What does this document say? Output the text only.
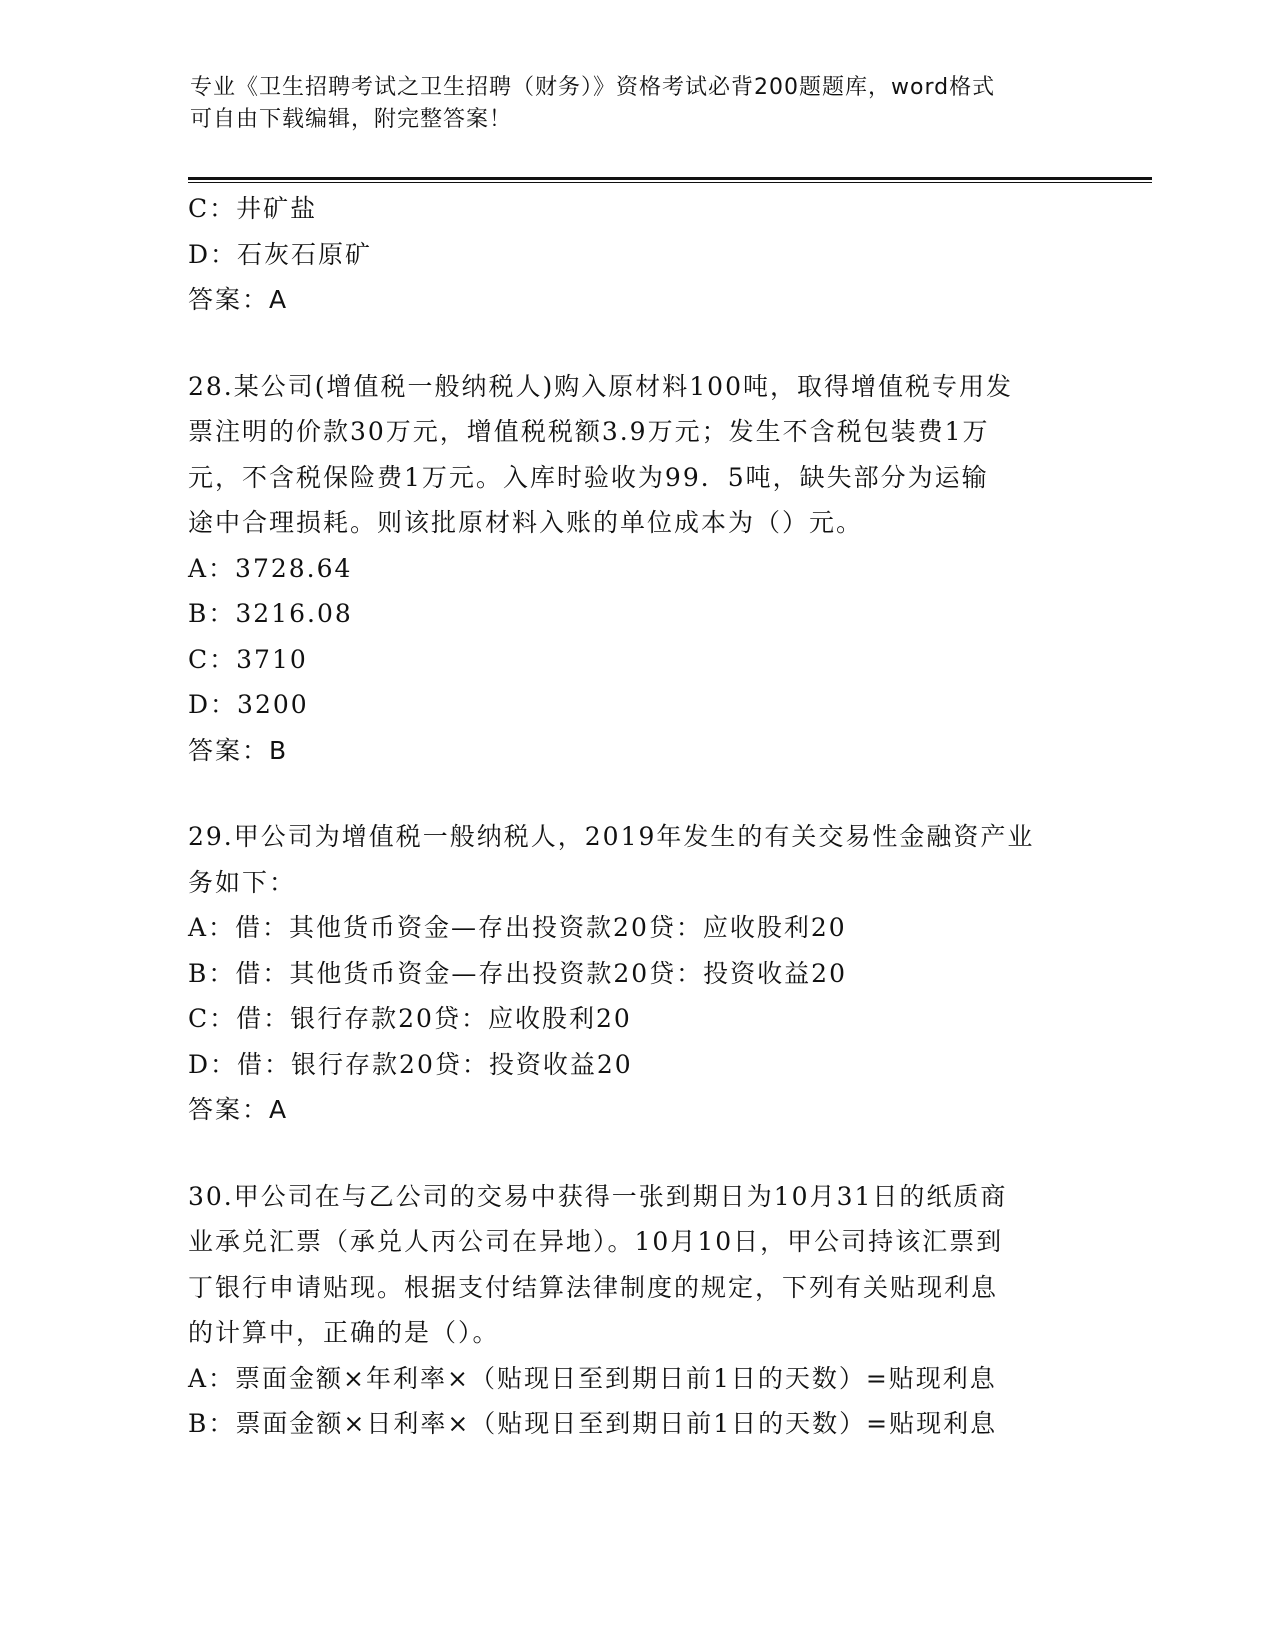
专业《卫生招聘考试之卫生招聘（财务）》资格考试必背200题题库，word格式
可自由下载编辑，附完整答案！
C：井矿盐
D：石灰石原矿
答案：A
28.某公司(增值税一般纳税人)购入原材料100吨，取得增值税专用发
票注明的价款30万元，增值税税额3.9万元；发生不含税包装费1万
元，不含税保险费1万元。入库时验收为99．5吨，缺失部分为运输
途中合理损耗。则该批原材料入账的单位成本为（）元。
A：3728.64
B：3216.08
C：3710
D：3200
答案：B
29.甲公司为增值税一般纳税人，2019年发生的有关交易性金融资产业
务如下：
A：借：其他货币资金—存出投资款20贷：应收股利20
B：借：其他货币资金—存出投资款20贷：投资收益20
C：借：银行存款20贷：应收股利20
D：借：银行存款20贷：投资收益20
答案：A
30.甲公司在与乙公司的交易中获得一张到期日为10月31日的纸质商
业承兑汇票（承兑人丙公司在异地）。10月10日，甲公司持该汇票到
丁银行申请贴现。根据支付结算法律制度的规定，下列有关贴现利息
的计算中，正确的是（）。
A：票面金额×年利率×（贴现日至到期日前1日的天数）=贴现利息
B：票面金额×日利率×（贴现日至到期日前1日的天数）=贴现利息
